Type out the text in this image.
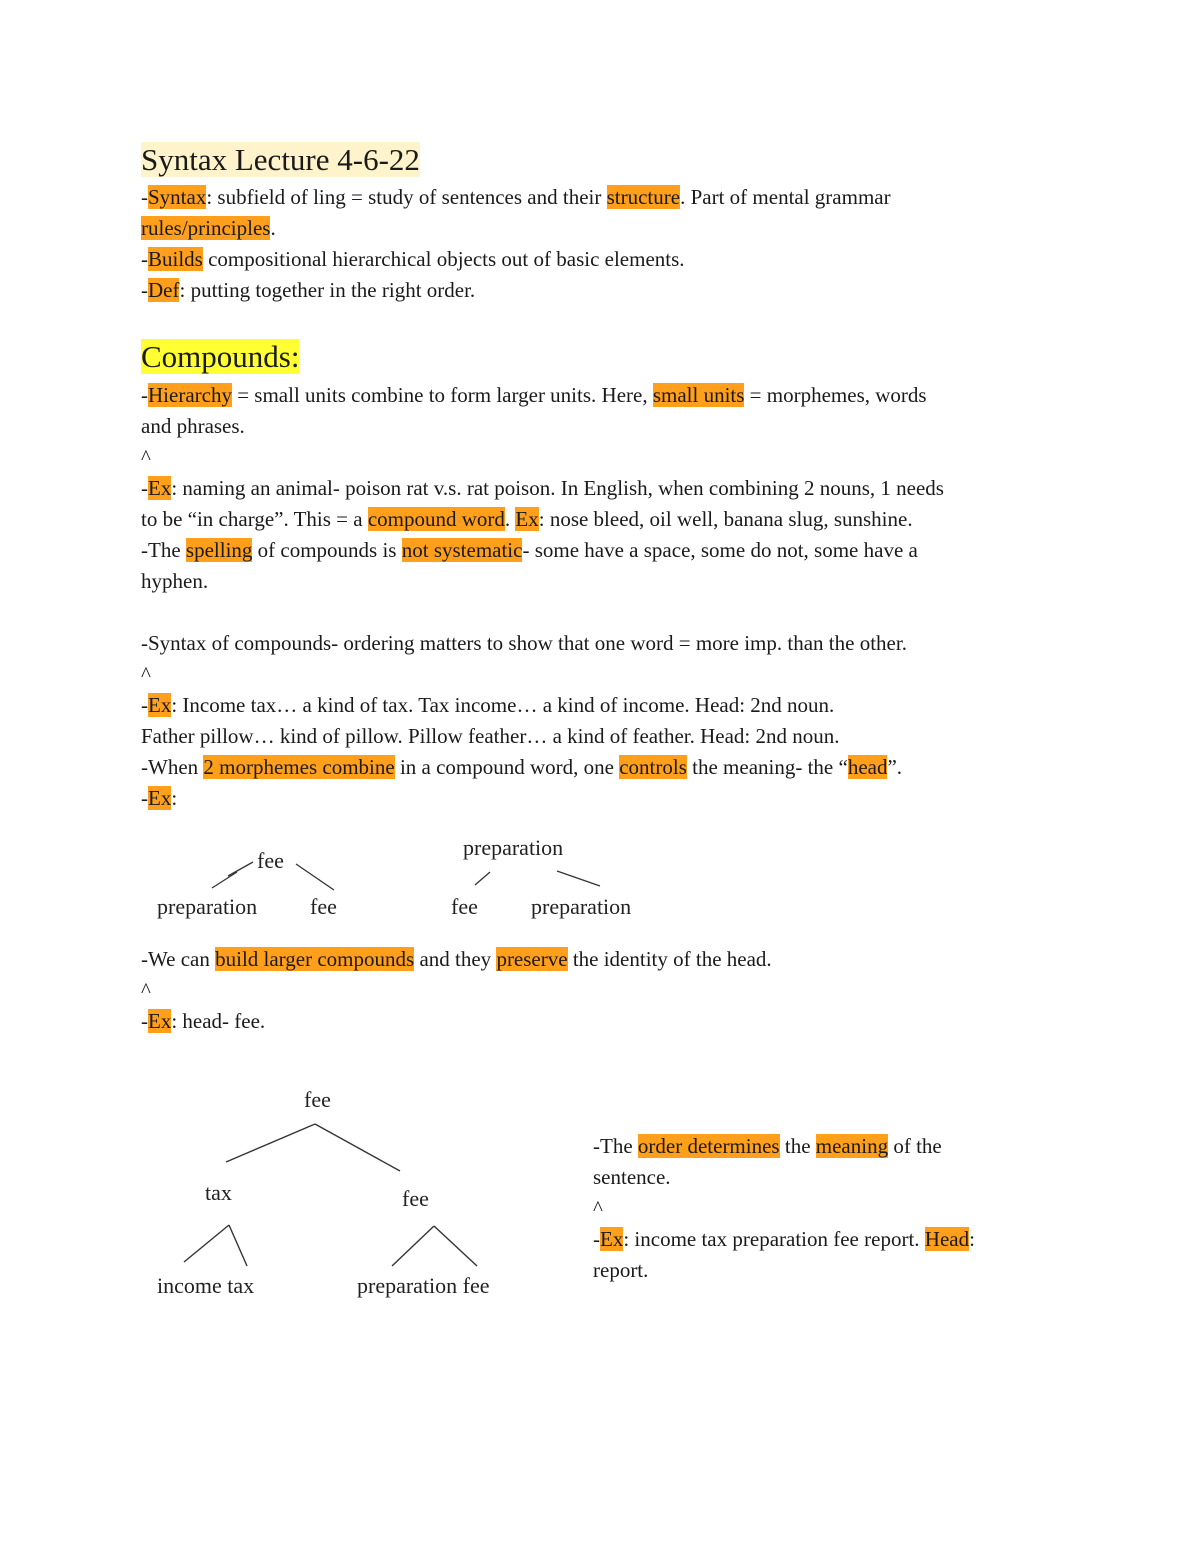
Syntax Lecture 4-6-22
-Syntax: subfield of ling = study of sentences and their structure. Part of mental grammar
rules/principles.
-Builds compositional hierarchical objects out of basic elements.
-Def: putting together in the right order.
Compounds:
-Hierarchy = small units combine to form larger units. Here, small units = morphemes, words
and phrases.
^
-Ex: naming an animal- poison rat v.s. rat poison. In English, when combining 2 nouns, 1 needs
to be “in charge”. This = a compound word. Ex: nose bleed, oil well, banana slug, sunshine.
-The spelling of compounds is not systematic- some have a space, some do not, some have a
hyphen.
-Syntax of compounds- ordering matters to show that one word = more imp. than the other.
^
-Ex: Income tax… a kind of tax. Tax income… a kind of income. Head: 2nd noun.
Father pillow… kind of pillow. Pillow feather… a kind of feather. Head: 2nd noun.
-When 2 morphemes combine in a compound word, one controls the meaning- the “head”.
-Ex:
fee
preparation fee
preparation
fee preparation
-We can build larger compounds and they preserve the identity of the head.
^
-Ex: head- fee.
fee
tax	fee
income tax	preparation fee
-The order determines the meaning of the
sentence.
^
-Ex: income tax preparation fee report. Head:
report.
